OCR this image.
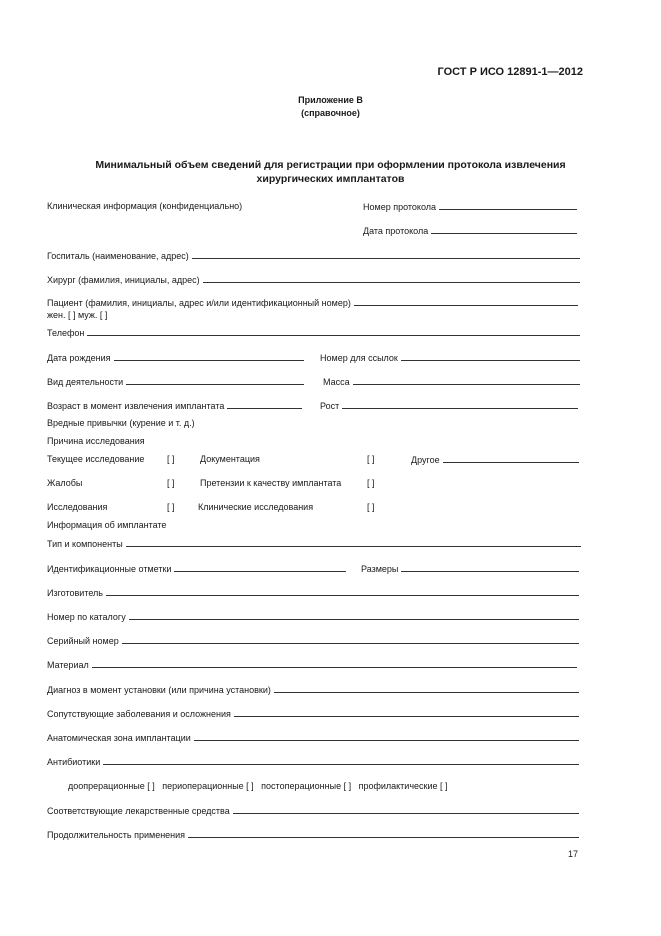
ГОСТ Р ИСО 12891-1—2012
Приложение В
(справочное)
Минимальный объем сведений для регистрации при оформлении протокола извлечения
хирургических имплантатов
Клиническая информация (конфиденциально)	Номер протокола
Дата протокола
Госпиталь (наименование, адрес)
Хирург (фамилия, инициалы, адрес)
Пациент (фамилия, инициалы, адрес и/или идентификационный номер)
жен. [ ] муж. [ ]
Телефон
Дата рождения	Номер для ссылок
Вид деятельности	Масса
Возраст в момент извлечения имплантата	Рост
Вредные привычки (курение и т. д.)
Причина исследования
Текущее исследование	[ ]	Документация	[ ]	Другое
Жалобы	[ ]	Претензии к качеству имплантата	[ ]
Исследования	[ ]	Клинические исследования	[ ]
Информация об имплантате
Тип и компоненты
Идентификационные отметки	Размеры
Изготовитель
Номер по каталогу
Серийный номер
Материал
Диагноз в момент установки (или причина установки)
Сопутствующие заболевания и осложнения
Анатомическая зона имплантации
Антибиотики
доопрерационные [ ]   периоперационные [ ]   постоперационные [ ]   профилактические [ ]
Соответствующие лекарственные средства
Продолжительность применения
17
